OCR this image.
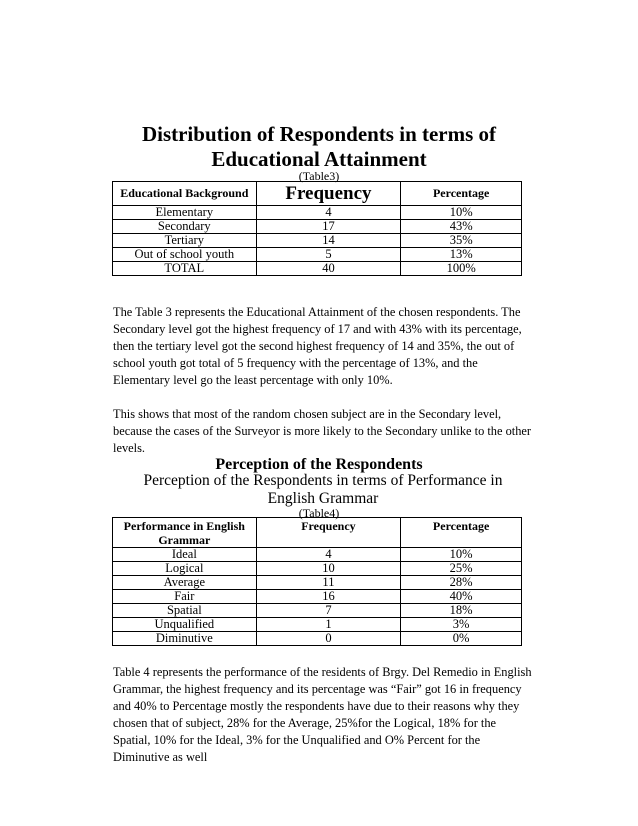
Distribution of Respondents in terms of
Educational Attainment
(Table3)
Educational Background	Frequency	Percentage
Elementary	4	10%
Secondary	17	43%
Tertiary	14	35%
Out of school youth	5	13%
TOTAL	40	100%

The Table 3 represents the Educational Attainment of the chosen respondents. The Secondary level got the highest frequency of 17 and with 43% with its percentage, then the tertiary level got the second highest frequency of 14 and 35%, the out of school youth got total of 5 frequency with the percentage of 13%, and the Elementary level go the least percentage with only 10%.

This shows that most of the random chosen subject are in the Secondary level, because the cases of the Surveyor is more likely to the Secondary unlike to the other levels.

Perception of the Respondents
Perception of the Respondents in terms of Performance in English Grammar
(Table4)
Performance in English Grammar	Frequency	Percentage
Ideal	4	10%
Logical	10	25%
Average	11	28%
Fair	16	40%
Spatial	7	18%
Unqualified	1	3%
Diminutive	0	0%

Table 4 represents the performance of the residents of Brgy. Del Remedio in English Grammar, the highest frequency and its percentage was “Fair” got 16 in frequency and 40% to Percentage mostly the respondents have due to their reasons why they chosen that of subject, 28% for the Average, 25%for the Logical, 18% for the Spatial, 10% for the Ideal, 3% for the Unqualified and O% Percent for the Diminutive as well
